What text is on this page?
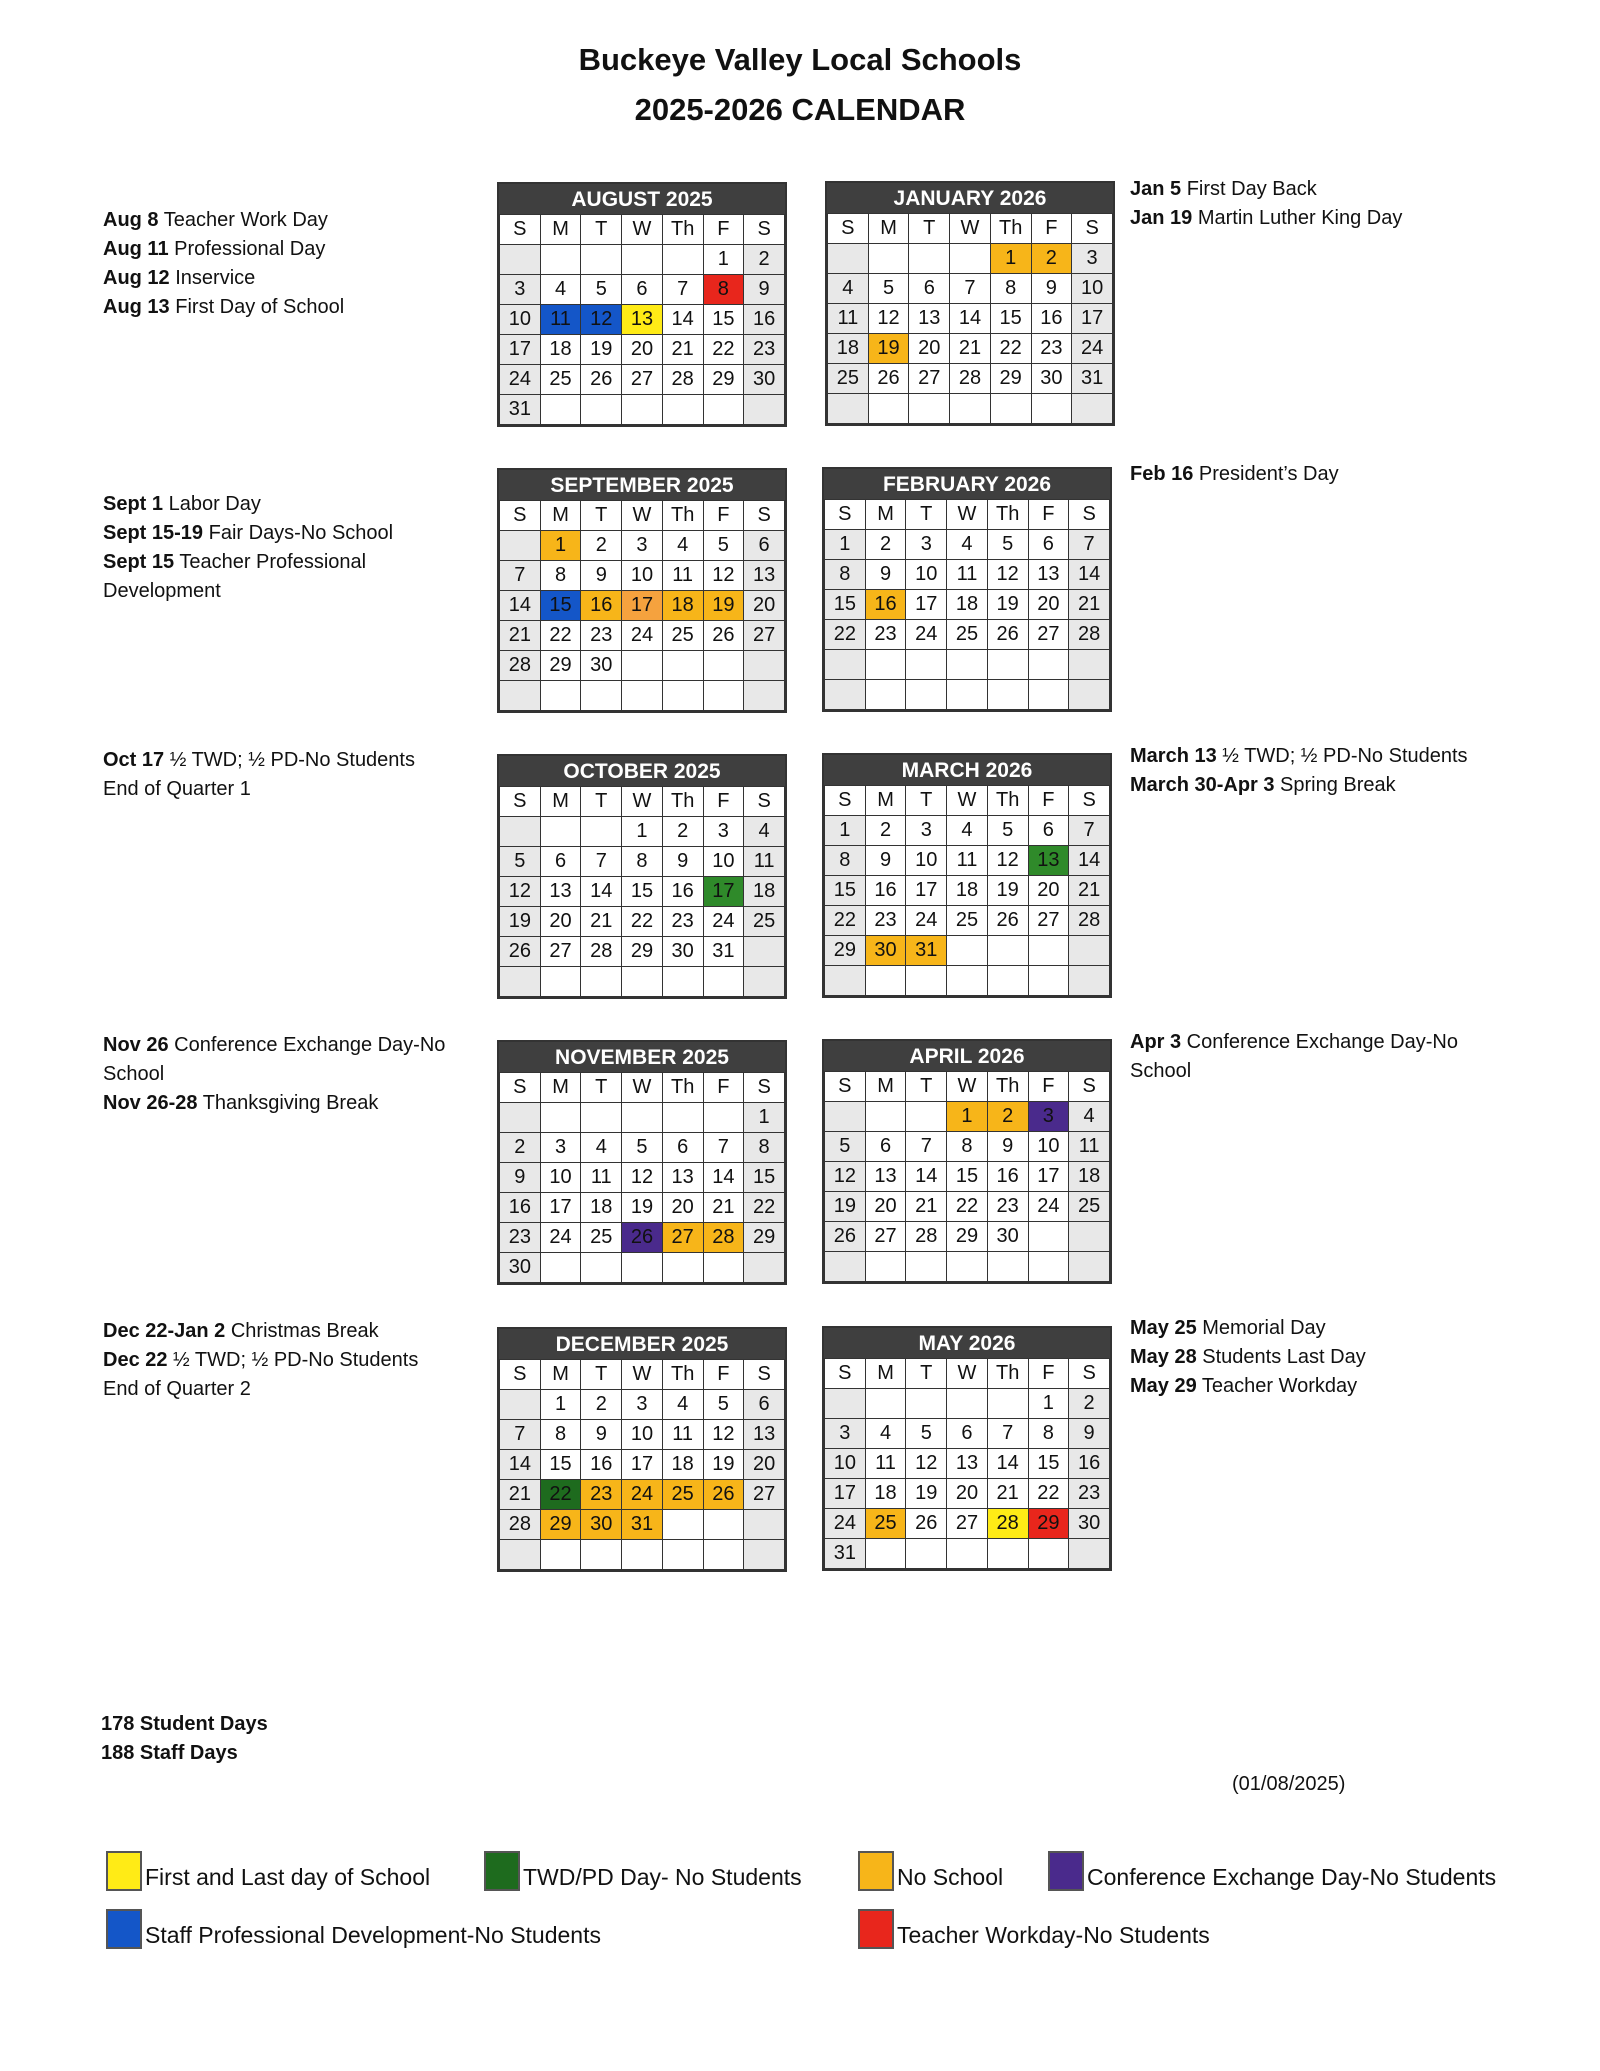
Buckeye Valley Local Schools
2025-2026 CALENDAR
Aug 8 Teacher Work Day
Aug 11 Professional Day
Aug 12 Inservice
Aug 13 First Day of School
Sept 1 Labor Day
Sept 15-19 Fair Days-No School
Sept 15 Teacher Professional
Development
Oct 17 ½ TWD; ½ PD-No Students
End of Quarter 1
Nov 26 Conference Exchange Day-No
School
Nov 26-28 Thanksgiving Break
Dec 22-Jan 2 Christmas Break
Dec 22 ½ TWD; ½ PD-No Students
End of Quarter 2
Jan 5 First Day Back
Jan 19 Martin Luther King Day
Feb 16 President’s Day
March 13 ½ TWD; ½ PD-No Students
March 30-Apr 3 Spring Break
Apr 3 Conference Exchange Day-No
School
May 25 Memorial Day
May 28 Students Last Day
May 29 Teacher Workday
AUGUST 2025
S	M	T	W	Th	F	S
					1	2
3	4	5	6	7	8	9
10	11	12	13	14	15	16
17	18	19	20	21	22	23
24	25	26	27	28	29	30
31						
SEPTEMBER 2025
S	M	T	W	Th	F	S
	1	2	3	4	5	6
7	8	9	10	11	12	13
14	15	16	17	18	19	20
21	22	23	24	25	26	27
28	29	30				

OCTOBER 2025
S	M	T	W	Th	F	S
			1	2	3	4
5	6	7	8	9	10	11
12	13	14	15	16	17	18
19	20	21	22	23	24	25
26	27	28	29	30	31	

NOVEMBER 2025
S	M	T	W	Th	F	S
						1
2	3	4	5	6	7	8
9	10	11	12	13	14	15
16	17	18	19	20	21	22
23	24	25	26	27	28	29
30						
DECEMBER 2025
S	M	T	W	Th	F	S
	1	2	3	4	5	6
7	8	9	10	11	12	13
14	15	16	17	18	19	20
21	22	23	24	25	26	27
28	29	30	31			

JANUARY 2026
S	M	T	W	Th	F	S
				1	2	3
4	5	6	7	8	9	10
11	12	13	14	15	16	17
18	19	20	21	22	23	24
25	26	27	28	29	30	31

FEBRUARY 2026
S	M	T	W	Th	F	S
1	2	3	4	5	6	7
8	9	10	11	12	13	14
15	16	17	18	19	20	21
22	23	24	25	26	27	28

MARCH 2026
S	M	T	W	Th	F	S
1	2	3	4	5	6	7
8	9	10	11	12	13	14
15	16	17	18	19	20	21
22	23	24	25	26	27	28
29	30	31				

APRIL 2026
S	M	T	W	Th	F	S
			1	2	3	4
5	6	7	8	9	10	11
12	13	14	15	16	17	18
19	20	21	22	23	24	25
26	27	28	29	30		

MAY 2026
S	M	T	W	Th	F	S
					1	2
3	4	5	6	7	8	9
10	11	12	13	14	15	16
17	18	19	20	21	22	23
24	25	26	27	28	29	30
31						
178 Student Days
188 Staff Days
(01/08/2025)
First and Last day of School	TWD/PD Day- No Students	No School	Conference Exchange Day-No Students
Staff Professional Development-No Students	Teacher Workday-No Students
